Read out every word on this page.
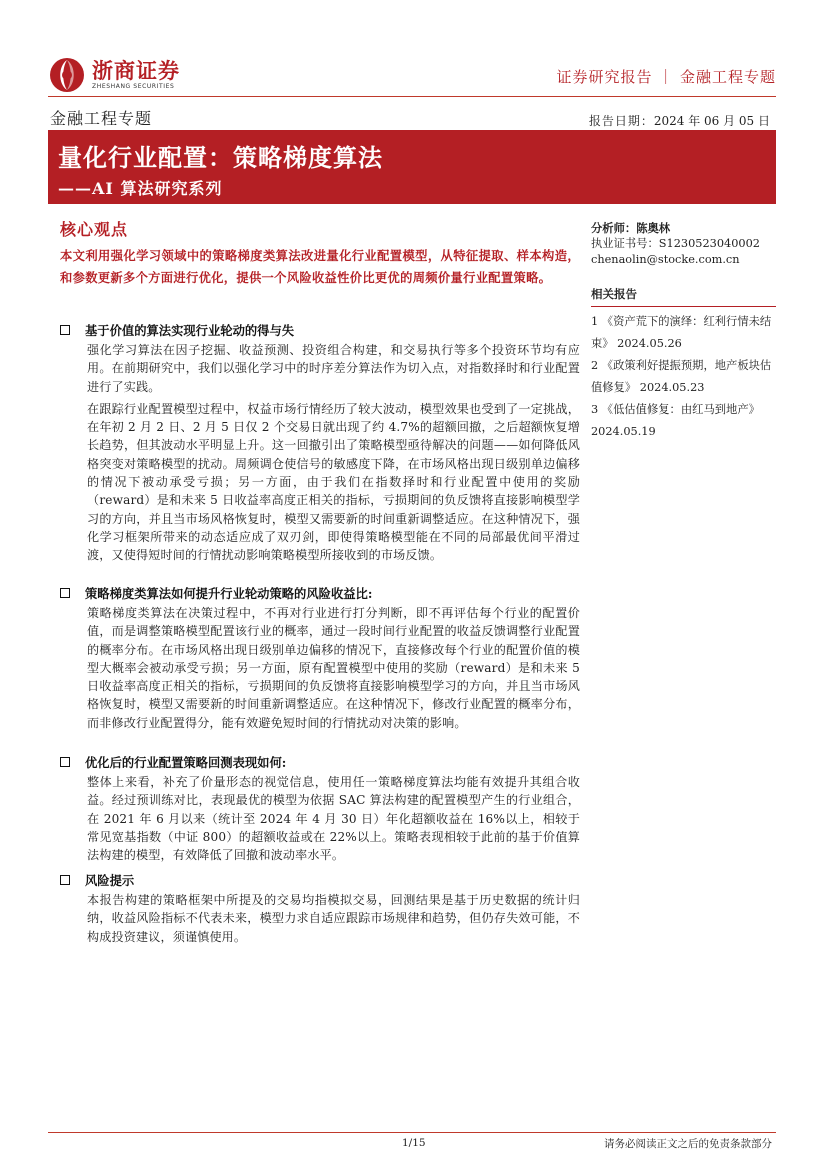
浙商证券
ZHESHANG SECURITIES
证券研究报告 ｜ 金融工程专题
金融工程专题	报告日期：2024 年 06 月 05 日
量化行业配置：策略梯度算法
——AI 算法研究系列
核心观点
本文利用强化学习领域中的策略梯度类算法改进量化行业配置模型，从特征提取、样本构造，和参数更新多个方面进行优化，提供一个风险收益性价比更优的周频价量行业配置策略。
基于价值的算法实现行业轮动的得与失
强化学习算法在因子挖掘、收益预测、投资组合构建，和交易执行等多个投资环节均有应用。在前期研究中，我们以强化学习中的时序差分算法作为切入点，对指数择时和行业配置进行了实践。
在跟踪行业配置模型过程中，权益市场行情经历了较大波动，模型效果也受到了一定挑战，在年初 2 月 2 日、2 月 5 日仅 2 个交易日就出现了约 4.7%的超额回撤，之后超额恢复增长趋势，但其波动水平明显上升。这一回撤引出了策略模型亟待解决的问题——如何降低风格突变对策略模型的扰动。周频调仓使信号的敏感度下降，在市场风格出现日级别单边偏移的情况下被动承受亏损；另一方面，由于我们在指数择时和行业配置中使用的奖励（reward）是和未来 5 日收益率高度正相关的指标，亏损期间的负反馈将直接影响模型学习的方向，并且当市场风格恢复时，模型又需要新的时间重新调整适应。在这种情况下，强化学习框架所带来的动态适应成了双刃剑，即使得策略模型能在不同的局部最优间平滑过渡，又使得短时间的行情扰动影响策略模型所接收到的市场反馈。
策略梯度类算法如何提升行业轮动策略的风险收益比:
策略梯度类算法在决策过程中，不再对行业进行打分判断，即不再评估每个行业的配置价值，而是调整策略模型配置该行业的概率，通过一段时间行业配置的收益反馈调整行业配置的概率分布。在市场风格出现日级别单边偏移的情况下，直接修改每个行业的配置价值的模型大概率会被动承受亏损；另一方面，原有配置模型中使用的奖励（reward）是和未来 5 日收益率高度正相关的指标，亏损期间的负反馈将直接影响模型学习的方向，并且当市场风格恢复时，模型又需要新的时间重新调整适应。在这种情况下，修改行业配置的概率分布，而非修改行业配置得分，能有效避免短时间的行情扰动对决策的影响。
优化后的行业配置策略回测表现如何:
整体上来看，补充了价量形态的视觉信息，使用任一策略梯度算法均能有效提升其组合收益。经过预训练对比，表现最优的模型为依据 SAC 算法构建的配置模型产生的行业组合，在 2021 年 6 月以来（统计至 2024 年 4 月 30 日）年化超额收益在 16%以上，相较于常见宽基指数（中证 800）的超额收益或在 22%以上。策略表现相较于此前的基于价值算法构建的模型，有效降低了回撤和波动率水平。
风险提示
本报告构建的策略框架中所提及的交易均指模拟交易，回测结果是基于历史数据的统计归纳，收益风险指标不代表未来，模型力求自适应跟踪市场规律和趋势，但仍存失效可能，不构成投资建议，须谨慎使用。
分析师：陈奥林
执业证书号：S1230523040002
chenaolin@stocke.com.cn
相关报告
1 《资产荒下的演绎：红利行情未结束》 2024.05.26
2 《政策利好提振预期，地产板块估值修复》 2024.05.23
3 《低估值修复：由红马到地产》 2024.05.19
1/15	请务必阅读正文之后的免责条款部分
